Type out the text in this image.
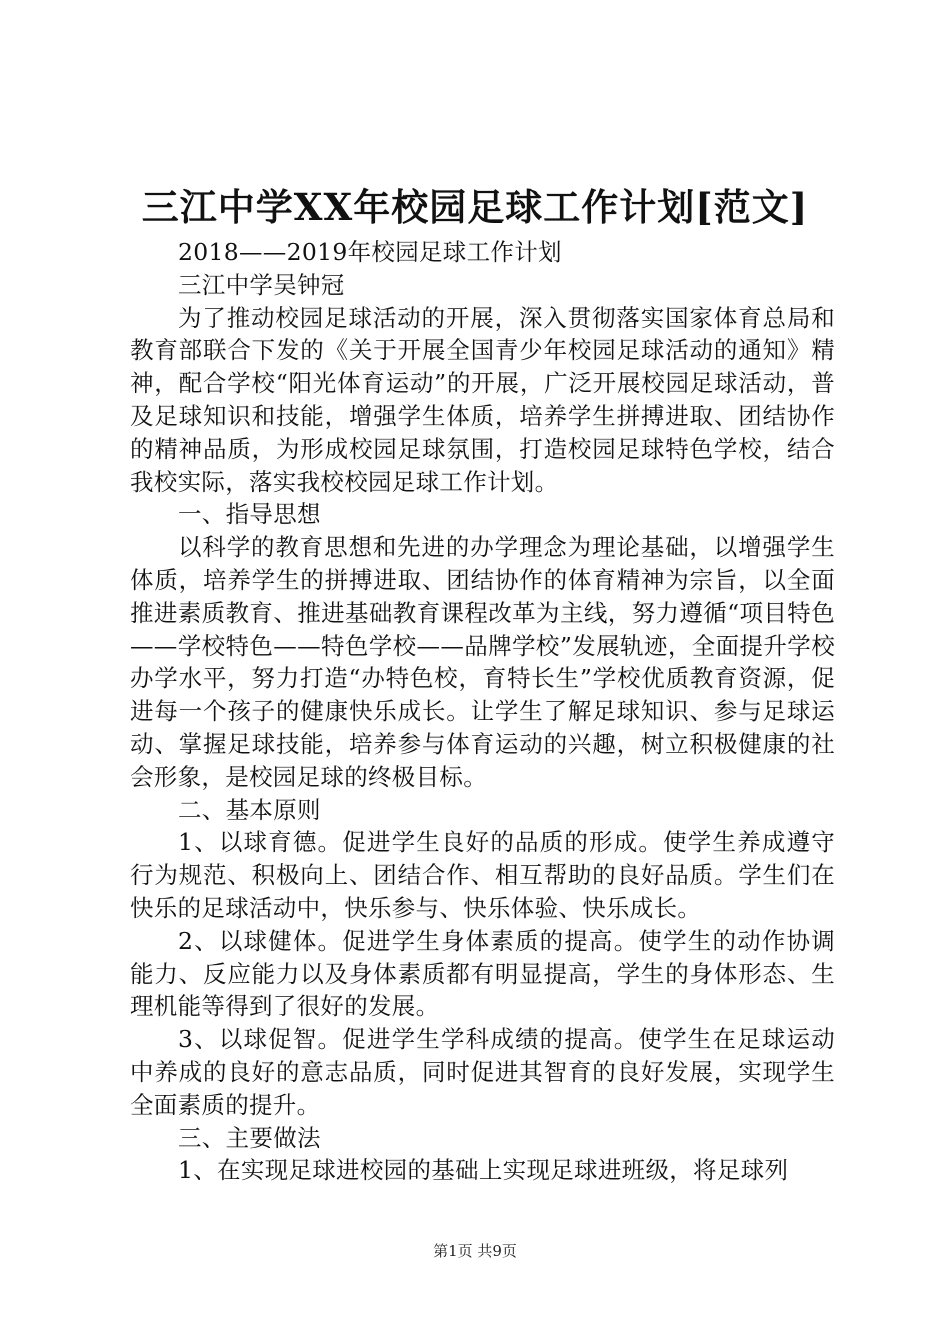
三江中学XX年校园足球工作计划[范文]

2018——2019年校园足球工作计划

三江中学吴钟冠

为了推动校园足球活动的开展，深入贯彻落实国家体育总局和教育部联合下发的《关于开展全国青少年校园足球活动的通知》精神，配合学校“阳光体育运动”的开展，广泛开展校园足球活动，普及足球知识和技能，增强学生体质，培养学生拼搏进取、团结协作的精神品质，为形成校园足球氛围，打造校园足球特色学校，结合我校实际，落实我校校园足球工作计划。

一、指导思想

以科学的教育思想和先进的办学理念为理论基础，以增强学生体质，培养学生的拼搏进取、团结协作的体育精神为宗旨，以全面推进素质教育、推进基础教育课程改革为主线，努力遵循“项目特色——学校特色——特色学校——品牌学校”发展轨迹，全面提升学校办学水平，努力打造“办特色校，育特长生”学校优质教育资源，促进每一个孩子的健康快乐成长。让学生了解足球知识、参与足球运动、掌握足球技能，培养参与体育运动的兴趣，树立积极健康的社会形象，是校园足球的终极目标。

二、基本原则

1、以球育德。促进学生良好的品质的形成。使学生养成遵守行为规范、积极向上、团结合作、相互帮助的良好品质。学生们在快乐的足球活动中，快乐参与、快乐体验、快乐成长。

2、以球健体。促进学生身体素质的提高。使学生的动作协调能力、反应能力以及身体素质都有明显提高，学生的身体形态、生理机能等得到了很好的发展。

3、以球促智。促进学生学科成绩的提高。使学生在足球运动中养成的良好的意志品质，同时促进其智育的良好发展，实现学生全面素质的提升。

三、主要做法

1、在实现足球进校园的基础上实现足球进班级，将足球列

第1页 共9页
